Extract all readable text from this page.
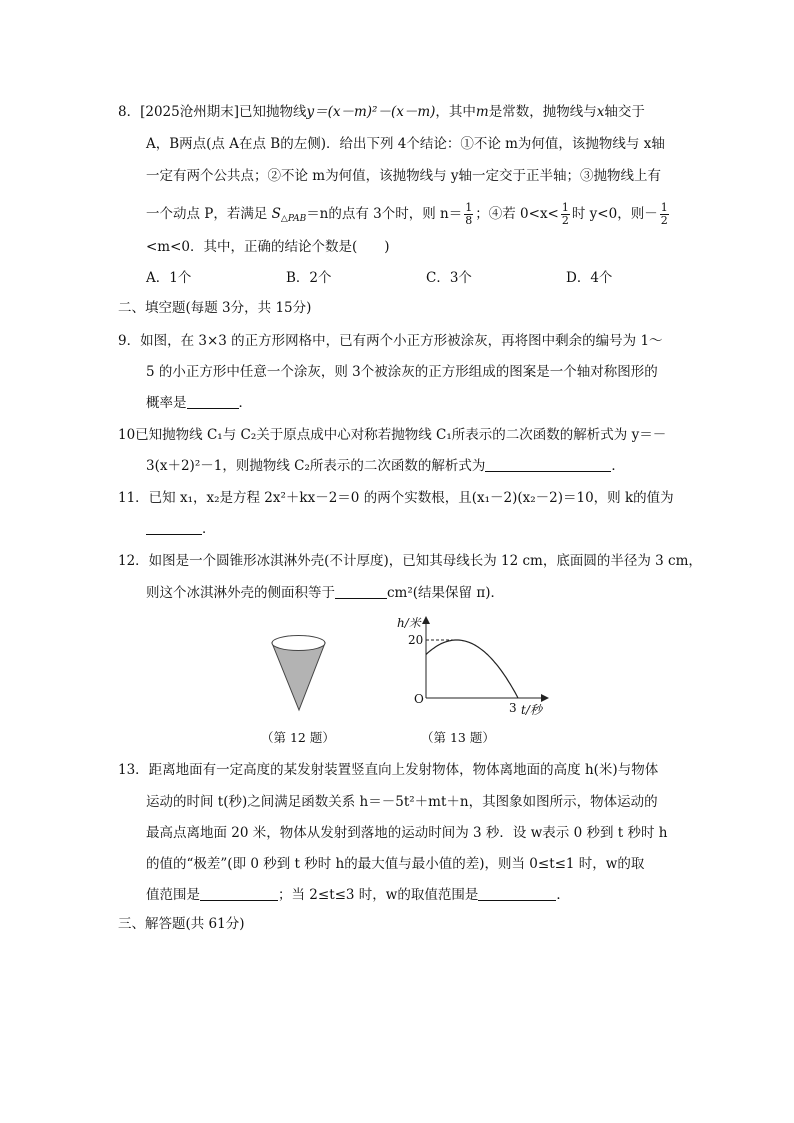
8．[2025沧州期末]已知抛物线y＝(x－m)²－(x－m)，其中m是常数，抛物线与x轴交于
A，B两点(点 A在点 B的左侧)．给出下列 4个结论：①不论 m为何值，该抛物线与 x轴
一定有两个公共点；②不论 m为何值，该抛物线与 y轴一定交于正半轴；③抛物线上有
一个动点 P，若满足 $S_{\triangle PAB}=n$的点有 3个时，则 $n= \frac{1}{8}$ ；④若 $0<x< \frac{1}{2}$ 时 y<0，则－ $\frac{1}{2}$
<m<0．其中，正确的结论个数是(　　)
A．1个	B．2个	C．3个	D．4个
二、填空题(每题 3分，共 15分)
9．如图，在 3×3 的正方形网格中，已有两个小正方形被涂灰，再将图中剩余的编号为 1～
5 的小正方形中任意一个涂灰，则 3个被涂灰的正方形组成的图案是一个轴对称图形的
概率是	．
10已知抛物线 C₁与 C₂关于原点成中心对称若抛物线 C₁所表示的二次函数的解析式为 y＝－
3(x＋2)²－1，则抛物线 C₂所表示的二次函数的解析式为	．
11．已知 x₁，x₂是方程 2x²＋kx－2＝0 的两个实数根，且(x₁－2)(x₂－2)＝10，则 k的值为
．
12．如图是一个圆锥形冰淇淋外壳(不计厚度)，已知其母线长为 12 cm，底面圆的半径为 3 cm，
则这个冰淇淋外壳的侧面积等于	cm²(结果保留 π)．
（第 12 题）
h/米
20
O
3 t/秒
（第 13 题）
13．距离地面有一定高度的某发射装置竖直向上发射物体，物体离地面的高度 h(米)与物体
运动的时间 t(秒)之间满足函数关系 h＝－5t²＋mt＋n，其图象如图所示，物体运动的
最高点离地面 20 米，物体从发射到落地的运动时间为 3 秒．设 w表示 0 秒到 t 秒时 h
的值的“极差”(即 0 秒到 t 秒时 h的最大值与最小值的差)，则当 0≤t≤1 时，w的取
值范围是	；当 2≤t≤3 时，w的取值范围是	．
三、解答题(共 61分)
